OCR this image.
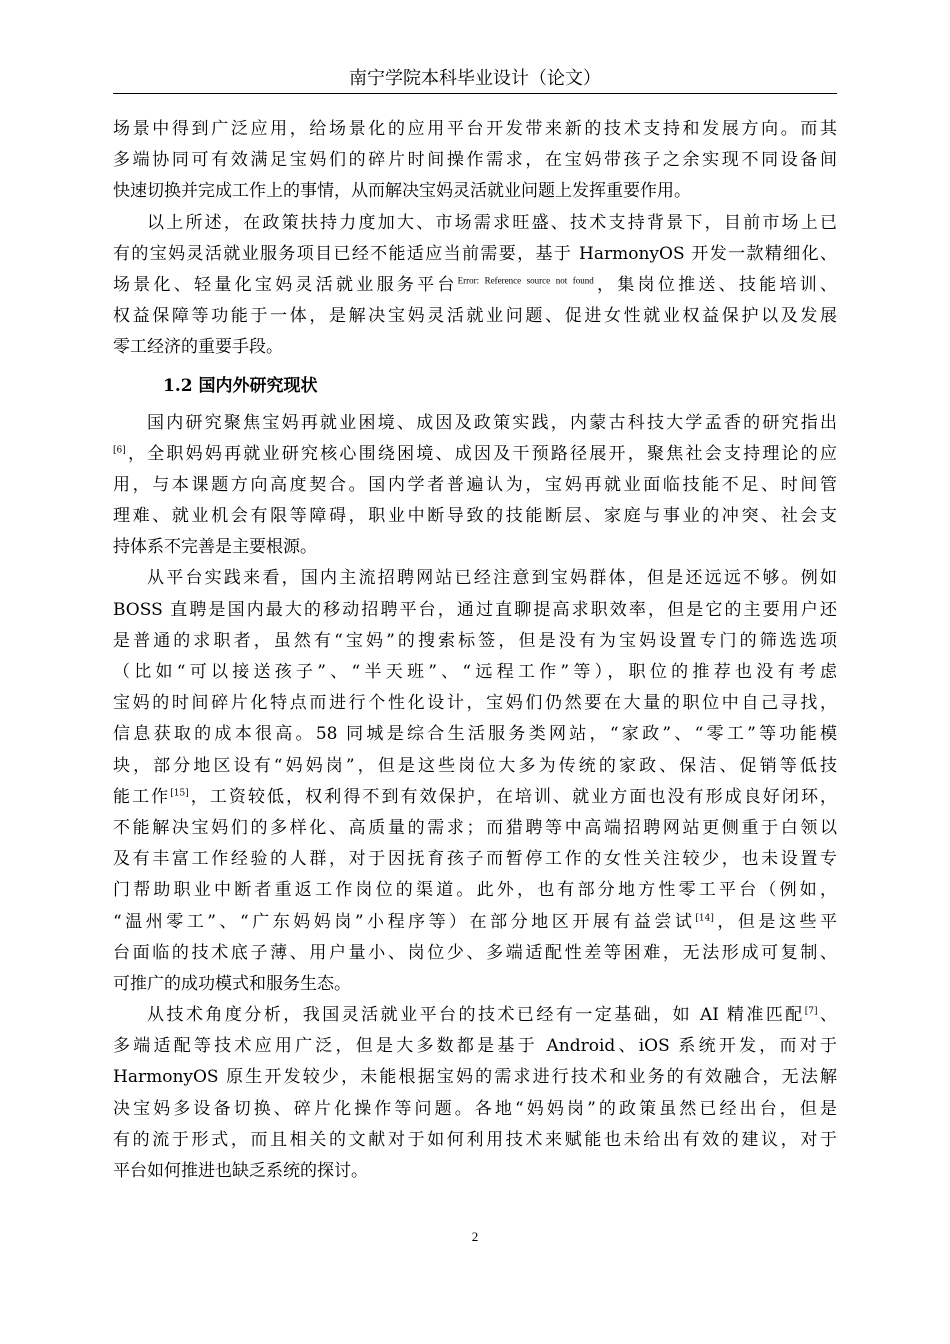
南宁学院本科毕业设计（论文）
场景中得到广泛应用，给场景化的应用平台开发带来新的技术支持和发展方向。而其
多端协同可有效满足宝妈们的碎片时间操作需求，在宝妈带孩子之余实现不同设备间
快速切换并完成工作上的事情，从而解决宝妈灵活就业问题上发挥重要作用。
以上所述，在政策扶持力度加大、市场需求旺盛、技术支持背景下，目前市场上已
有的宝妈灵活就业服务项目已经不能适应当前需要，基于 HarmonyOS 开发一款精细化、
场景化、轻量化宝妈灵活就业服务平台$^{Error: Reference source not found}$，集岗位推送、技能培训、
权益保障等功能于一体，是解决宝妈灵活就业问题、促进女性就业权益保护以及发展
零工经济的重要手段。
1.2 国内外研究现状
国内研究聚焦宝妈再就业困境、成因及政策实践，内蒙古科技大学孟香的研究指出
[6]，全职妈妈再就业研究核心围绕困境、成因及干预路径展开，聚焦社会支持理论的应
用，与本课题方向高度契合。国内学者普遍认为，宝妈再就业面临技能不足、时间管
理难、就业机会有限等障碍，职业中断导致的技能断层、家庭与事业的冲突、社会支
持体系不完善是主要根源。
从平台实践来看，国内主流招聘网站已经注意到宝妈群体，但是还远远不够。例如
BOSS 直聘是国内最大的移动招聘平台，通过直聊提高求职效率，但是它的主要用户还
是普通的求职者，虽然有“宝妈”的搜索标签，但是没有为宝妈设置专门的筛选选项
（比如“可以接送孩子”、“半天班”、“远程工作”等），职位的推荐也没有考虑
宝妈的时间碎片化特点而进行个性化设计，宝妈们仍然要在大量的职位中自己寻找，
信息获取的成本很高。58 同城是综合生活服务类网站，“家政”、“零工”等功能模
块，部分地区设有“妈妈岗”，但是这些岗位大多为传统的家政、保洁、促销等低技
能工作[15]，工资较低，权利得不到有效保护，在培训、就业方面也没有形成良好闭环，
不能解决宝妈们的多样化、高质量的需求；而猎聘等中高端招聘网站更侧重于白领以
及有丰富工作经验的人群，对于因抚育孩子而暂停工作的女性关注较少，也未设置专
门帮助职业中断者重返工作岗位的渠道。此外，也有部分地方性零工平台（例如，
“温州零工”、“广东妈妈岗”小程序等）在部分地区开展有益尝试[14]，但是这些平
台面临的技术底子薄、用户量小、岗位少、多端适配性差等困难，无法形成可复制、
可推广的成功模式和服务生态。
从技术角度分析，我国灵活就业平台的技术已经有一定基础，如 AI 精准匹配[7]、
多端适配等技术应用广泛，但是大多数都是基于 Android、iOS 系统开发，而对于
HarmonyOS 原生开发较少，未能根据宝妈的需求进行技术和业务的有效融合，无法解
决宝妈多设备切换、碎片化操作等问题。各地“妈妈岗”的政策虽然已经出台，但是
有的流于形式，而且相关的文献对于如何利用技术来赋能也未给出有效的建议，对于
平台如何推进也缺乏系统的探讨。
2
